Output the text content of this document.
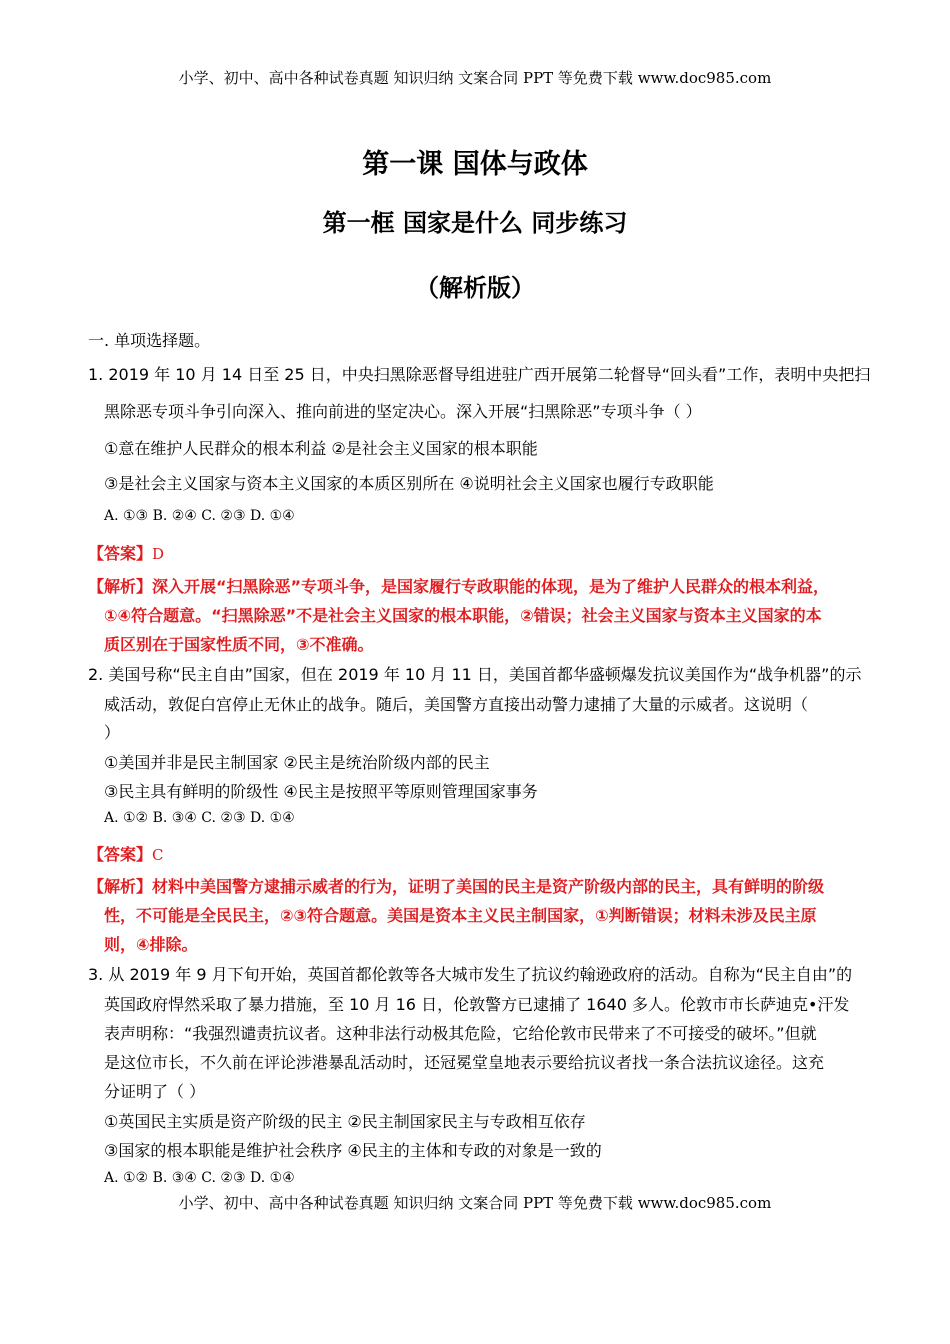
小学、初中、高中各种试卷真题 知识归纳 文案合同 PPT 等免费下载 www.doc985.com
第一课 国体与政体
第一框 国家是什么 同步练习
（解析版）
一. 单项选择题。
1. 2019 年 10 月 14 日至 25 日，中央扫黑除恶督导组进驻广西开展第二轮督导“回头看”工作，表明中央把扫
黑除恶专项斗争引向深入、推向前进的坚定决心。深入开展“扫黑除恶”专项斗争（ ）
①意在维护人民群众的根本利益 ②是社会主义国家的根本职能
③是社会主义国家与资本主义国家的本质区别所在 ④说明社会主义国家也履行专政职能
A. ①③ B. ②④ C. ②③ D. ①④
【答案】D
【解析】深入开展“扫黑除恶”专项斗争，是国家履行专政职能的体现，是为了维护人民群众的根本利益，
①④符合题意。“扫黑除恶”不是社会主义国家的根本职能，②错误；社会主义国家与资本主义国家的本
质区别在于国家性质不同，③不准确。
2. 美国号称“民主自由”国家，但在 2019 年 10 月 11 日，美国首都华盛顿爆发抗议美国作为“战争机器”的示
威活动，敦促白宫停止无休止的战争。随后，美国警方直接出动警力逮捕了大量的示威者。这说明（
）
①美国并非是民主制国家 ②民主是统治阶级内部的民主
③民主具有鲜明的阶级性 ④民主是按照平等原则管理国家事务
A. ①② B. ③④ C. ②③ D. ①④
【答案】C
【解析】材料中美国警方逮捕示威者的行为，证明了美国的民主是资产阶级内部的民主，具有鲜明的阶级
性，不可能是全民民主，②③符合题意。美国是资本主义民主制国家，①判断错误；材料未涉及民主原
则，④排除。
3. 从 2019 年 9 月下旬开始，英国首都伦敦等各大城市发生了抗议约翰逊政府的活动。自称为“民主自由”的
英国政府悍然采取了暴力措施，至 10 月 16 日，伦敦警方已逮捕了 1640 多人。伦敦市市长萨迪克•汗发
表声明称：“我强烈谴责抗议者。这种非法行动极其危险，它给伦敦市民带来了不可接受的破坏。”但就
是这位市长，不久前在评论涉港暴乱活动时，还冠冕堂皇地表示要给抗议者找一条合法抗议途径。这充
分证明了（ ）
①英国民主实质是资产阶级的民主 ②民主制国家民主与专政相互依存
③国家的根本职能是维护社会秩序 ④民主的主体和专政的对象是一致的
A. ①② B. ③④ C. ②③ D. ①④
小学、初中、高中各种试卷真题 知识归纳 文案合同 PPT 等免费下载 www.doc985.com
